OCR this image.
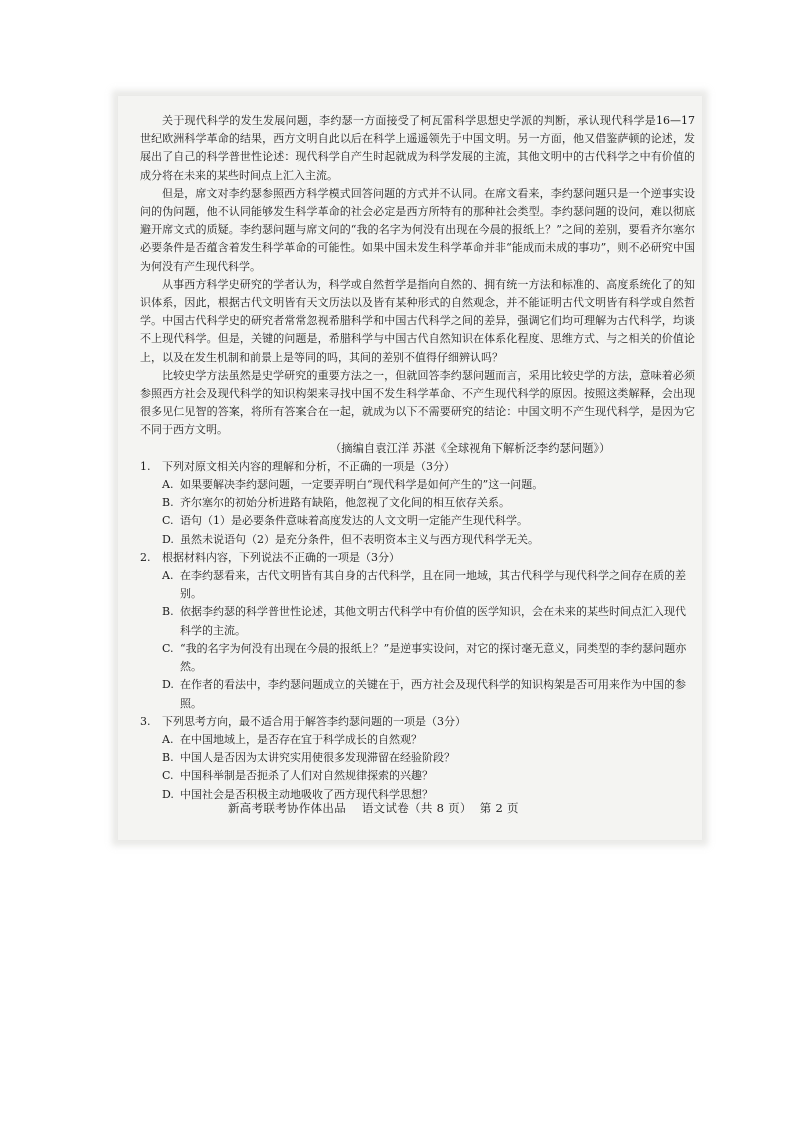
关于现代科学的发生发展问题，李约瑟一方面接受了柯瓦雷科学思想史学派的判断，承认现代科学是16—17世纪欧洲科学革命的结果，西方文明自此以后在科学上遥遥领先于中国文明。另一方面，他又借鉴萨顿的论述，发展出了自己的科学普世性论述：现代科学自产生时起就成为科学发展的主流，其他文明中的古代科学之中有价值的成分将在未来的某些时间点上汇入主流。

但是，席文对李约瑟参照西方科学模式回答问题的方式并不认同。在席文看来，李约瑟问题只是一个逆事实设问的伪问题，他不认同能够发生科学革命的社会必定是西方所特有的那种社会类型。李约瑟问题的设问，难以彻底避开席文式的质疑。李约瑟问题与席文问的“我的名字为何没有出现在今晨的报纸上？”之间的差别，要看齐尔塞尔必要条件是否蕴含着发生科学革命的可能性。如果中国未发生科学革命并非“能成而未成的事功”，则不必研究中国为何没有产生现代科学。

从事西方科学史研究的学者认为，科学或自然哲学是指向自然的、拥有统一方法和标准的、高度系统化了的知识体系，因此，根据古代文明皆有天文历法以及皆有某种形式的自然观念，并不能证明古代文明皆有科学或自然哲学。中国古代科学史的研究者常常忽视希腊科学和中国古代科学之间的差异，强调它们均可理解为古代科学，均谈不上现代科学。但是，关键的问题是，希腊科学与中国古代自然知识在体系化程度、思维方式、与之相关的价值论上，以及在发生机制和前景上是等同的吗，其间的差别不值得仔细辨认吗？

比较史学方法虽然是史学研究的重要方法之一，但就回答李约瑟问题而言，采用比较史学的方法，意味着必须参照西方社会及现代科学的知识构架来寻找中国不发生科学革命、不产生现代科学的原因。按照这类解释，会出现很多见仁见智的答案，将所有答案合在一起，就成为以下不需要研究的结论：中国文明不产生现代科学，是因为它不同于西方文明。

（摘编自袁江洋 苏湛《全球视角下解析泛李约瑟问题》）

1.	下列对原文相关内容的理解和分析，不正确的一项是（3分）
A. 如果要解决李约瑟问题，一定要弄明白“现代科学是如何产生的”这一问题。
B. 齐尔塞尔的初始分析进路有缺陷，他忽视了文化间的相互依存关系。
C. 语句（1）是必要条件意味着高度发达的人文文明一定能产生现代科学。
D. 虽然未说语句（2）是充分条件，但不表明资本主义与西方现代科学无关。
2.	根据材料内容，下列说法不正确的一项是（3分）
A. 在李约瑟看来，古代文明皆有其自身的古代科学，且在同一地域，其古代科学与现代科学之间存在质的差别。
B. 依据李约瑟的科学普世性论述，其他文明古代科学中有价值的医学知识，会在未来的某些时间点汇入现代科学的主流。
C. “我的名字为何没有出现在今晨的报纸上？”是逆事实设问，对它的探讨毫无意义，同类型的李约瑟问题亦然。
D. 在作者的看法中，李约瑟问题成立的关键在于，西方社会及现代科学的知识构架是否可用来作为中国的参照。
3.	下列思考方向，最不适合用于解答李约瑟问题的一项是（3分）
A. 在中国地域上，是否存在宜于科学成长的自然观？
B. 中国人是否因为太讲究实用使很多发现滞留在经验阶段？
C. 中国科举制是否扼杀了人们对自然规律探索的兴趣？
D. 中国社会是否积极主动地吸收了西方现代科学思想？
新高考联考协作体出品 语文试卷（共 8 页） 第 2 页
